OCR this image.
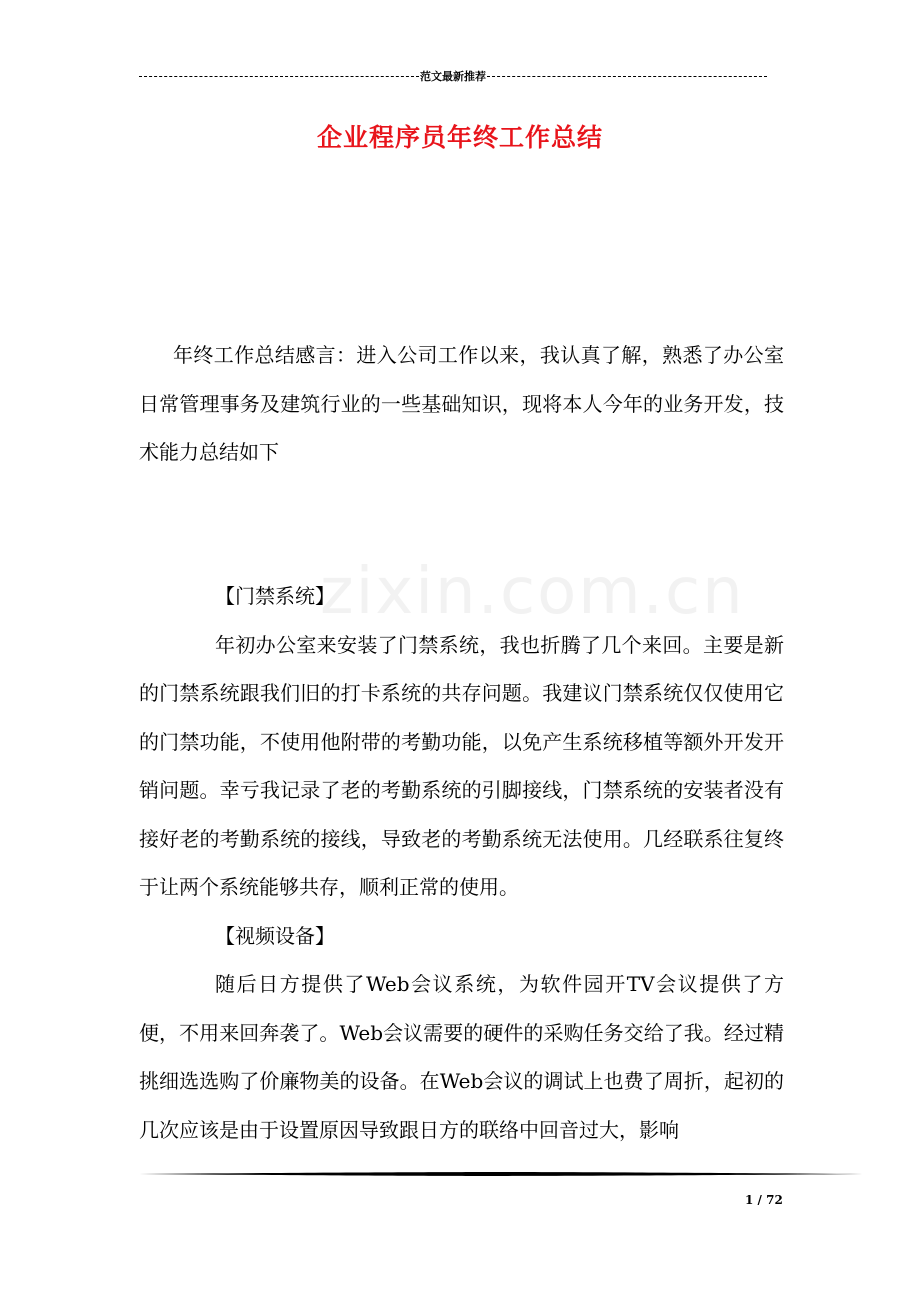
范文最新推荐
企业程序员年终工作总结
zixin.com.cn

年终工作总结感言：进入公司工作以来，我认真了解，熟悉了办公室日常管理事务及建筑行业的一些基础知识，现将本人今年的业务开发，技术能力总结如下

【门禁系统】

年初办公室来安装了门禁系统，我也折腾了几个来回。主要是新的门禁系统跟我们旧的打卡系统的共存问题。我建议门禁系统仅仅使用它的门禁功能，不使用他附带的考勤功能，以免产生系统移植等额外开发开销问题。幸亏我记录了老的考勤系统的引脚接线，门禁系统的安装者没有接好老的考勤系统的接线，导致老的考勤系统无法使用。几经联系往复终于让两个系统能够共存，顺利正常的使用。

【视频设备】

随后日方提供了Web会议系统，为软件园开TV会议提供了方便，不用来回奔袭了。Web会议需要的硬件的采购任务交给了我。经过精挑细选选购了价廉物美的设备。在Web会议的调试上也费了周折，起初的几次应该是由于设置原因导致跟日方的联络中回音过大，影响

1 / 72
